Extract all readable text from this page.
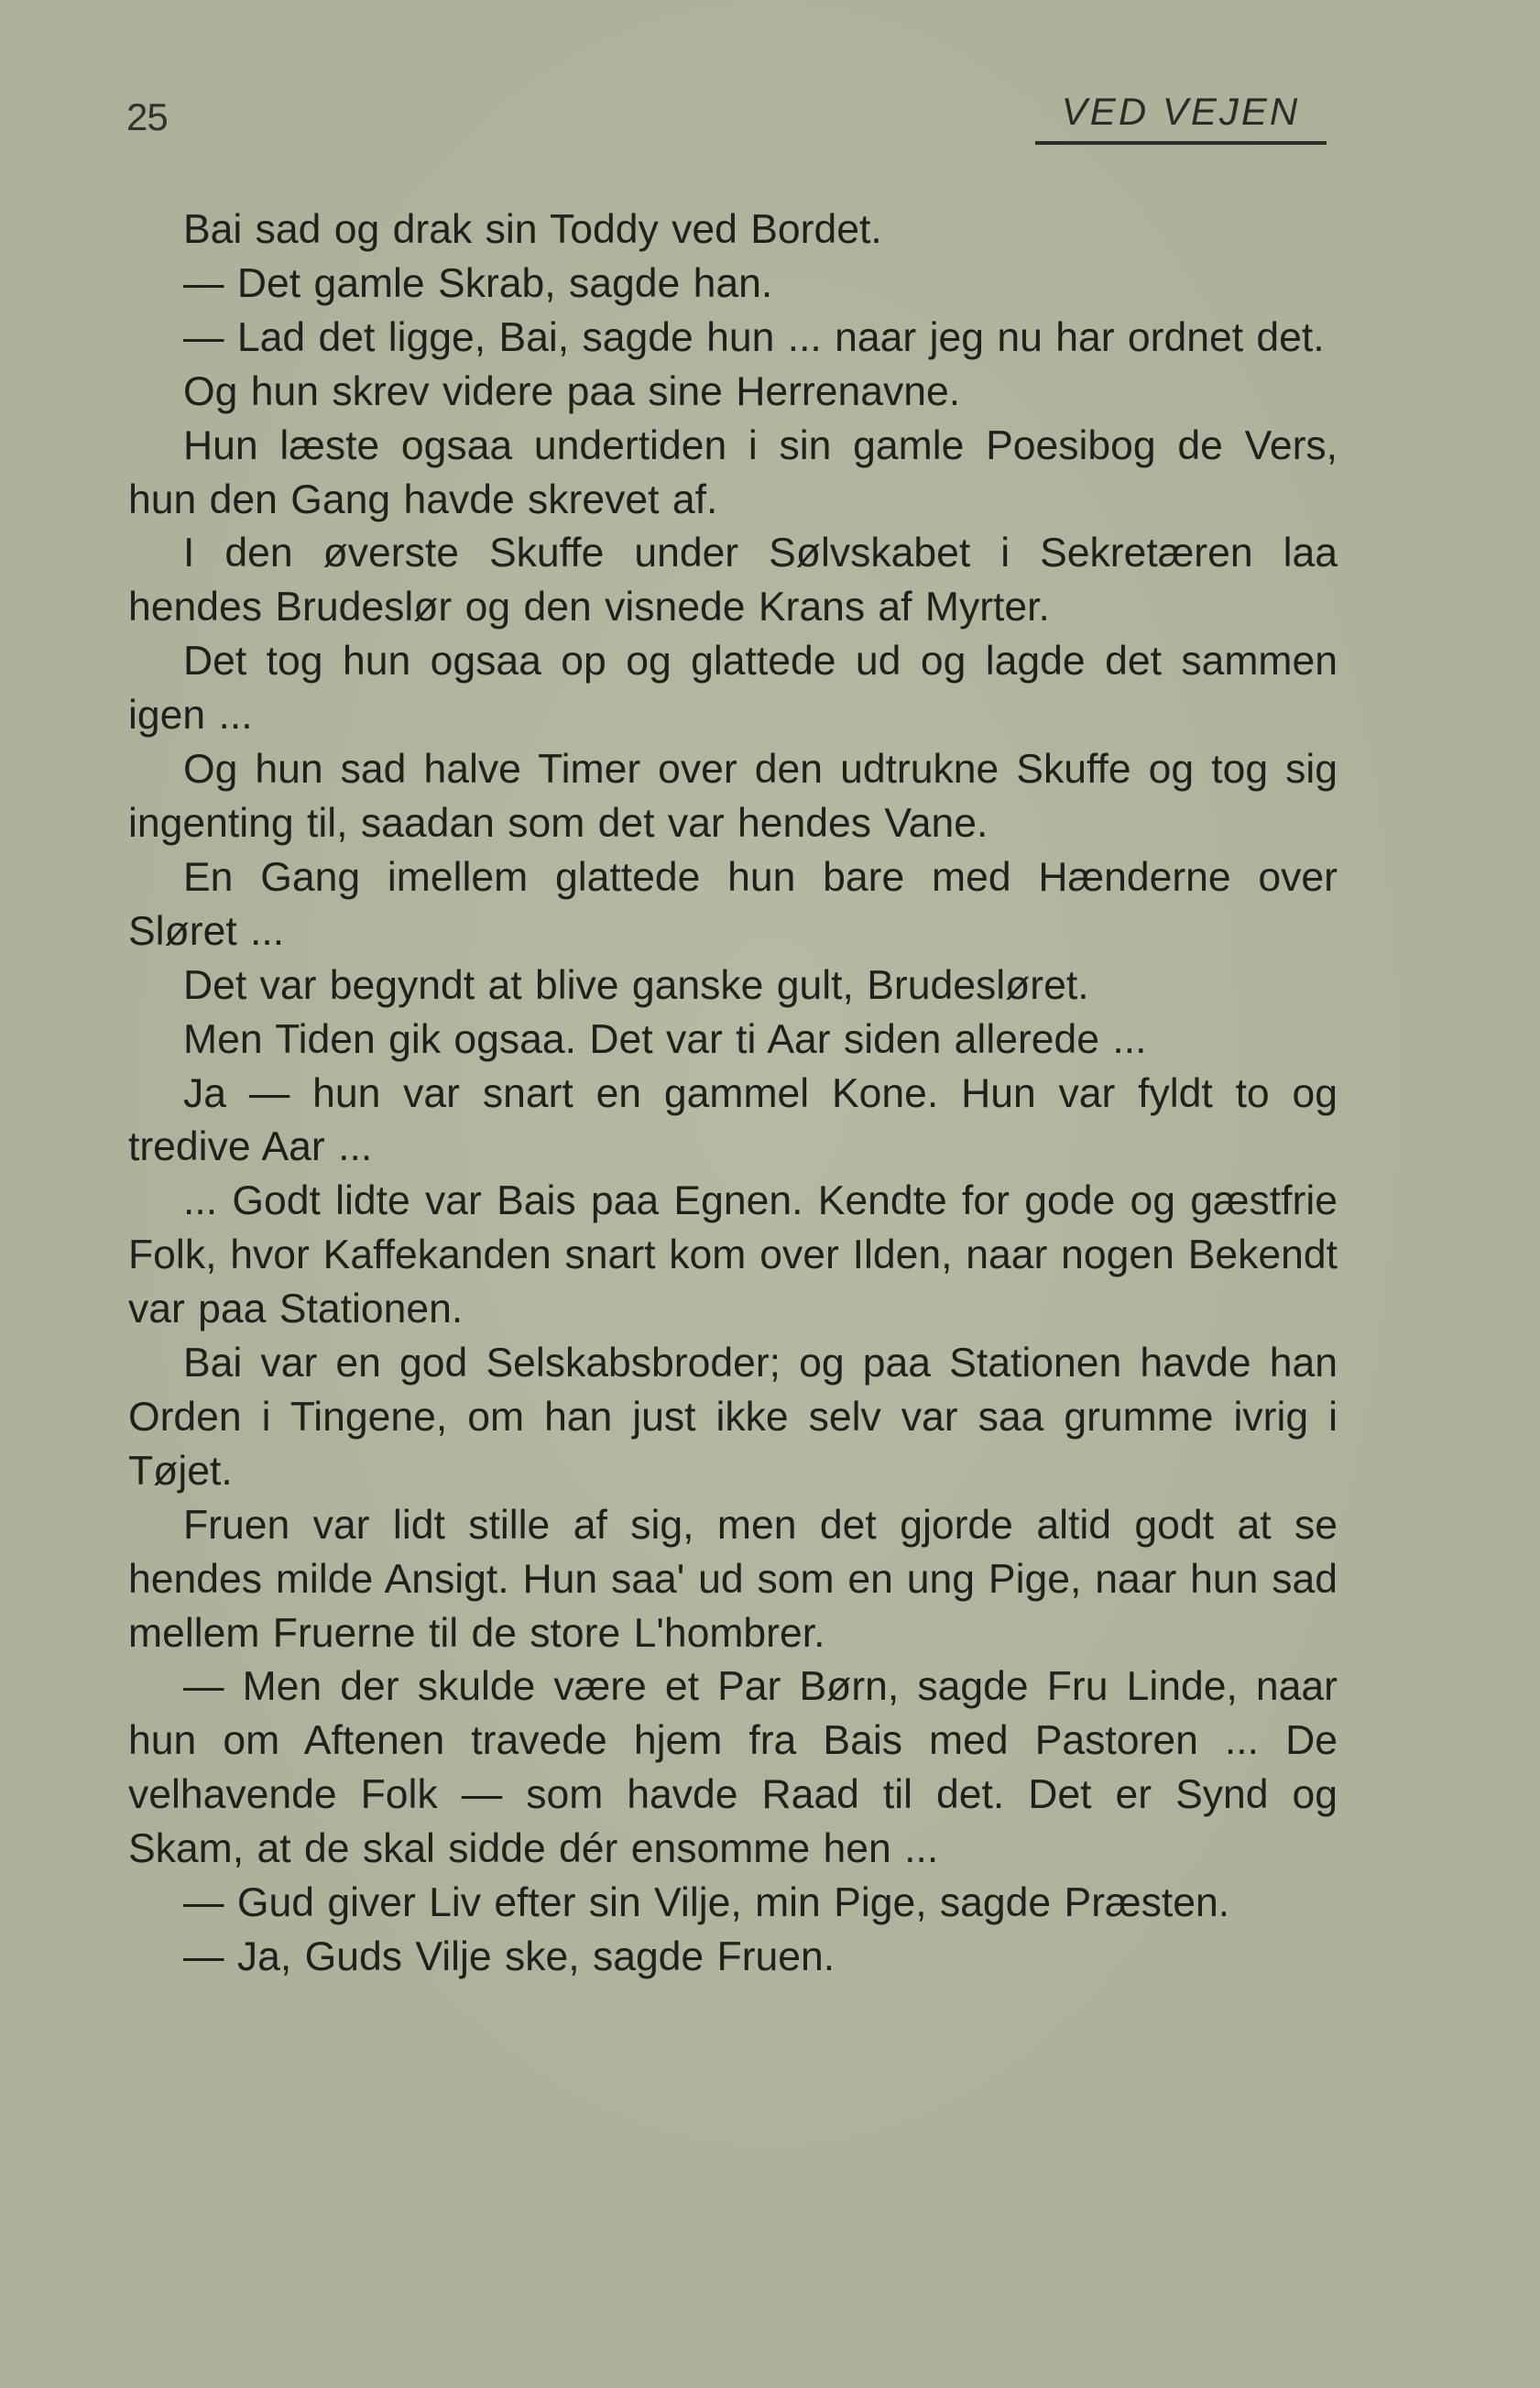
25	VED VEJEN

Bai sad og drak sin Toddy ved Bordet.

— Det gamle Skrab, sagde han.

— Lad det ligge, Bai, sagde hun ... naar jeg nu har ordnet det.

Og hun skrev videre paa sine Herrenavne.

Hun læste ogsaa undertiden i sin gamle Poesibog de Vers, hun den Gang havde skrevet af.

I den øverste Skuffe under Sølvskabet i Sekretæren laa hendes Brudeslør og den visnede Krans af Myrter.

Det tog hun ogsaa op og glattede ud og lagde det sammen igen ...

Og hun sad halve Timer over den udtrukne Skuffe og tog sig ingenting til, saadan som det var hendes Vane.

En Gang imellem glattede hun bare med Hænderne over Sløret ...

Det var begyndt at blive ganske gult, Brudesløret.

Men Tiden gik ogsaa. Det var ti Aar siden allerede ...

Ja — hun var snart en gammel Kone. Hun var fyldt to og tredive Aar ...

... Godt lidte var Bais paa Egnen. Kendte for gode og gæstfrie Folk, hvor Kaffekanden snart kom over Ilden, naar nogen Bekendt var paa Stationen.

Bai var en god Selskabsbroder; og paa Stationen havde han Orden i Tingene, om han just ikke selv var saa grumme ivrig i Tøjet.

Fruen var lidt stille af sig, men det gjorde altid godt at se hendes milde Ansigt. Hun saa' ud som en ung Pige, naar hun sad mellem Fruerne til de store L'hombrer.

— Men der skulde være et Par Børn, sagde Fru Linde, naar hun om Aftenen travede hjem fra Bais med Pastoren ... De velhavende Folk — som havde Raad til det. Det er Synd og Skam, at de skal sidde dér ensomme hen ...

— Gud giver Liv efter sin Vilje, min Pige, sagde Præsten.

— Ja, Guds Vilje ske, sagde Fruen.
